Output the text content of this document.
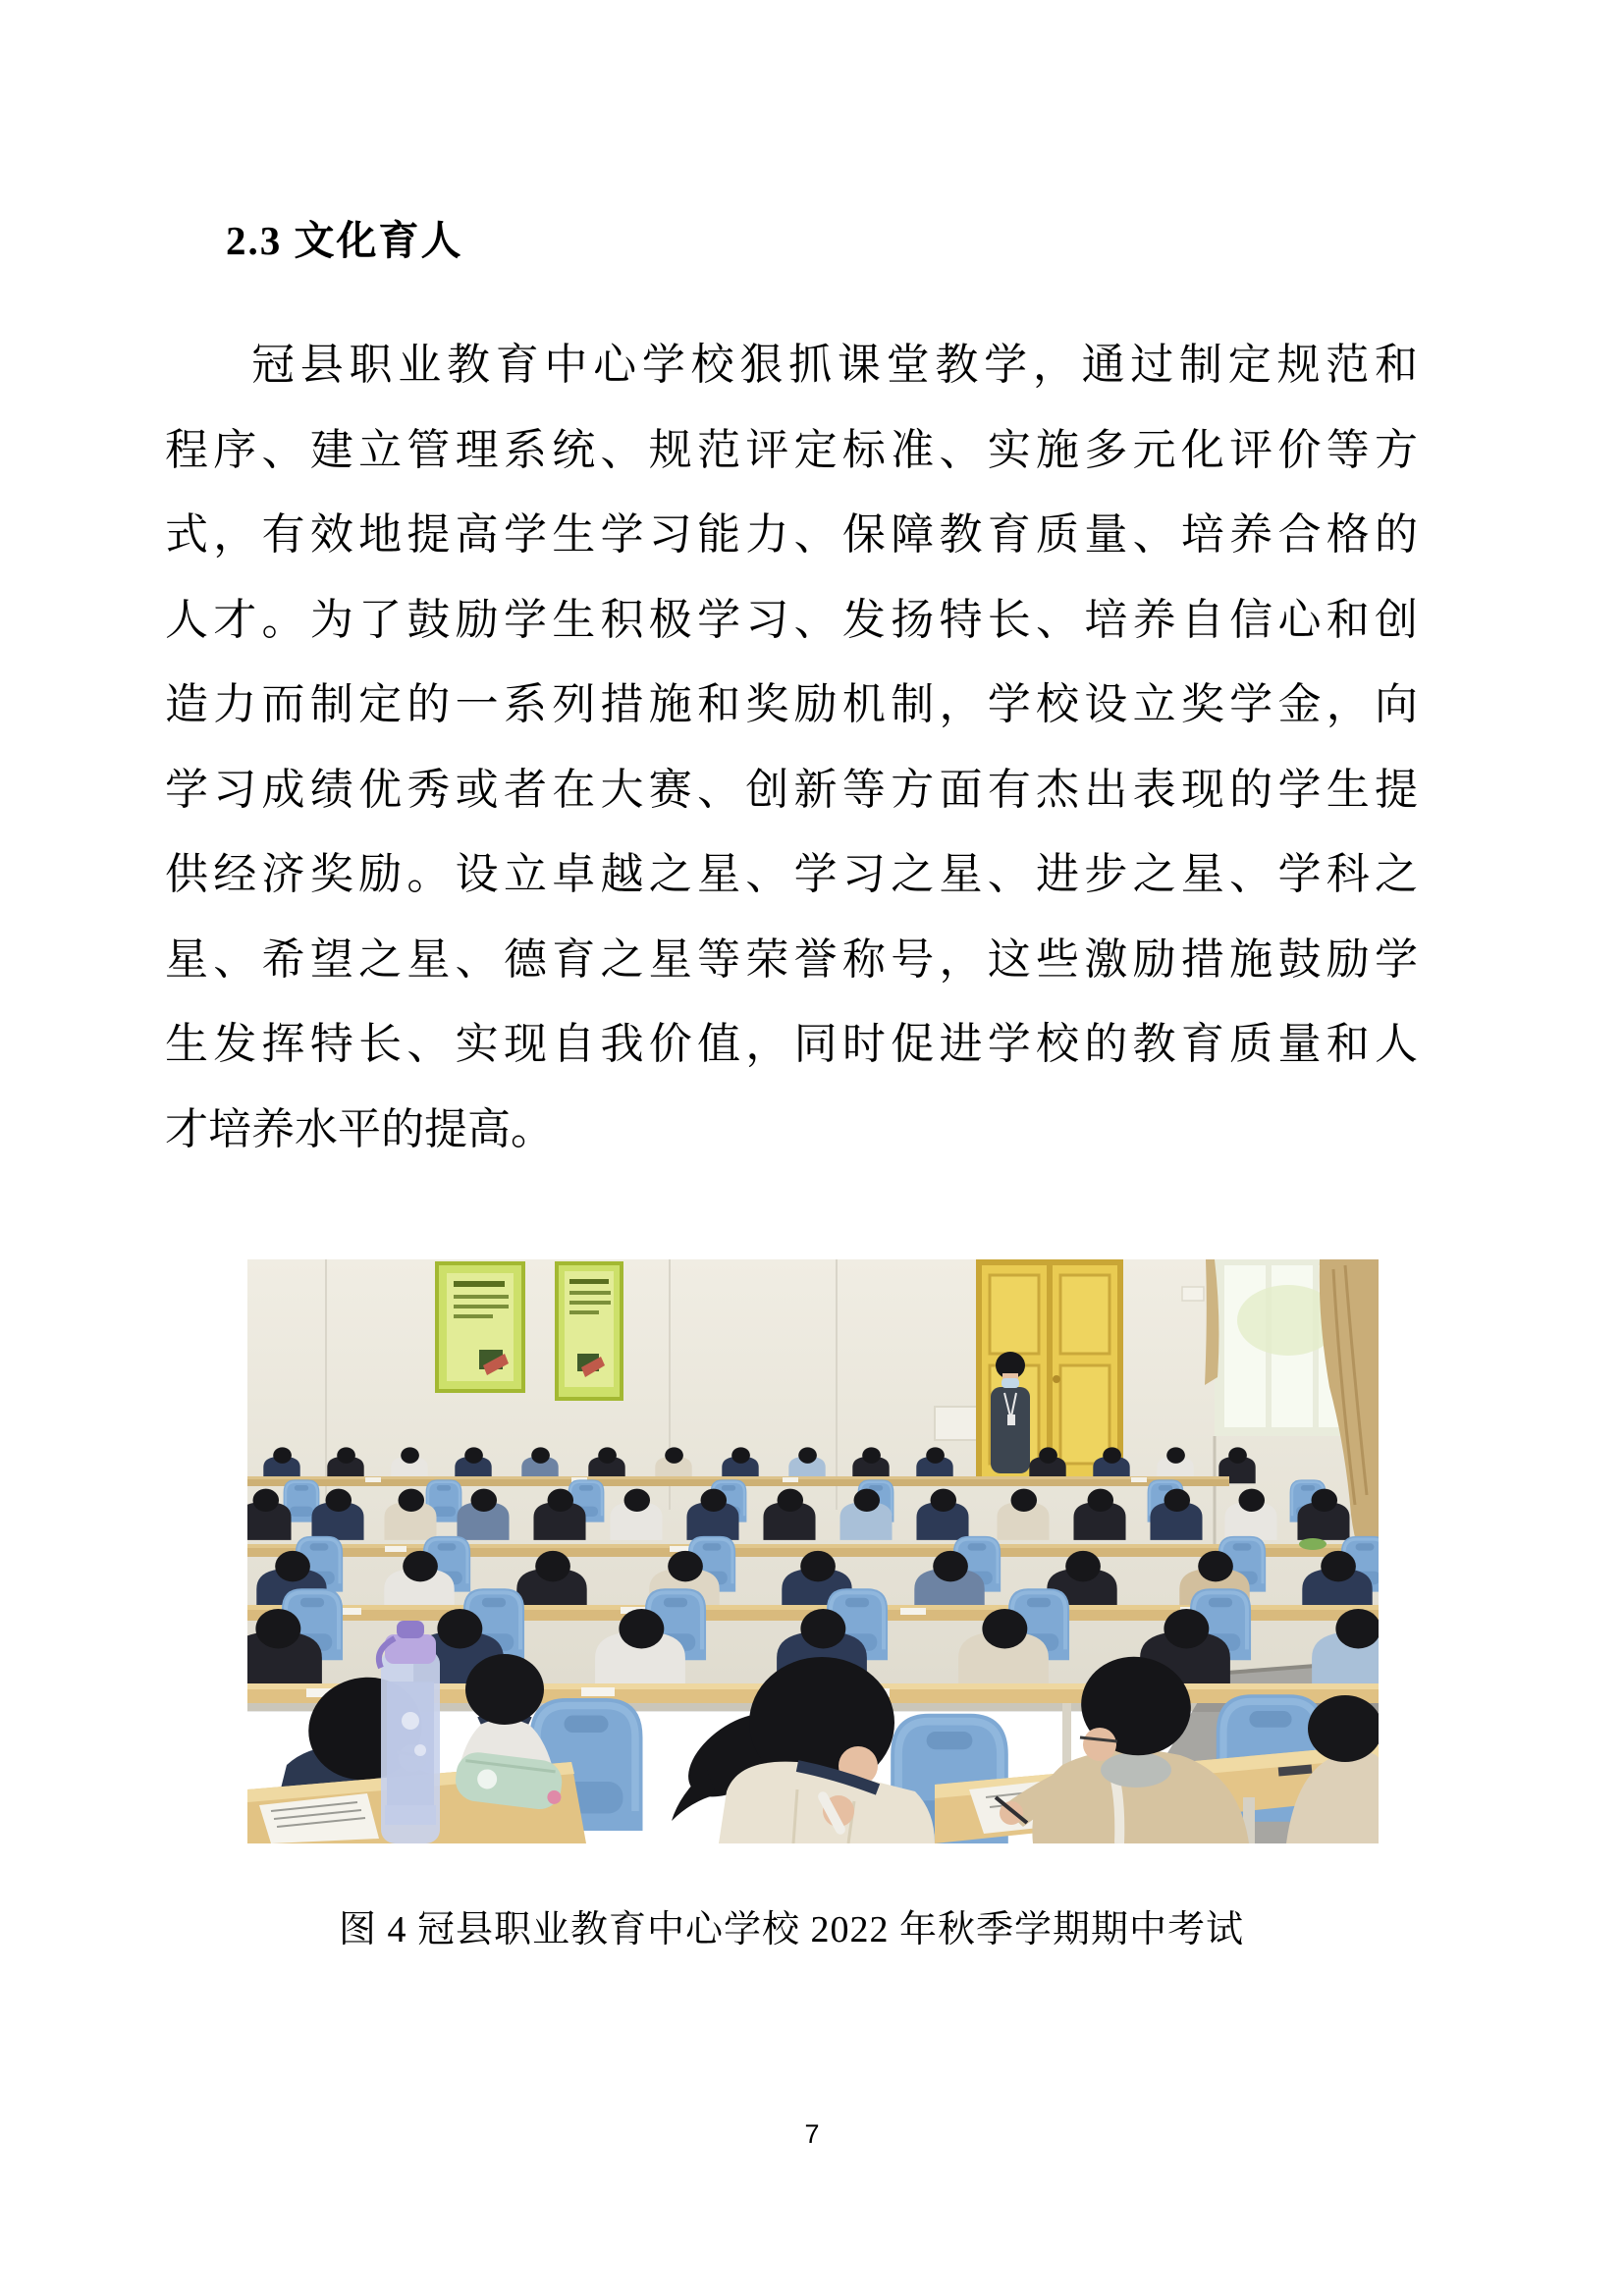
2.3 文化育人
冠县职业教育中心学校狠抓课堂教学，通过制定规范和
程序、建立管理系统、规范评定标准、实施多元化评价等方
式，有效地提高学生学习能力、保障教育质量、培养合格的
人才。为了鼓励学生积极学习、发扬特长、培养自信心和创
造力而制定的一系列措施和奖励机制，学校设立奖学金，向
学习成绩优秀或者在大赛、创新等方面有杰出表现的学生提
供经济奖励。设立卓越之星、学习之星、进步之星、学科之
星、希望之星、德育之星等荣誉称号，这些激励措施鼓励学
生发挥特长、实现自我价值，同时促进学校的教育质量和人
才培养水平的提高。
图 4 冠县职业教育中心学校 2022 年秋季学期期中考试
7
